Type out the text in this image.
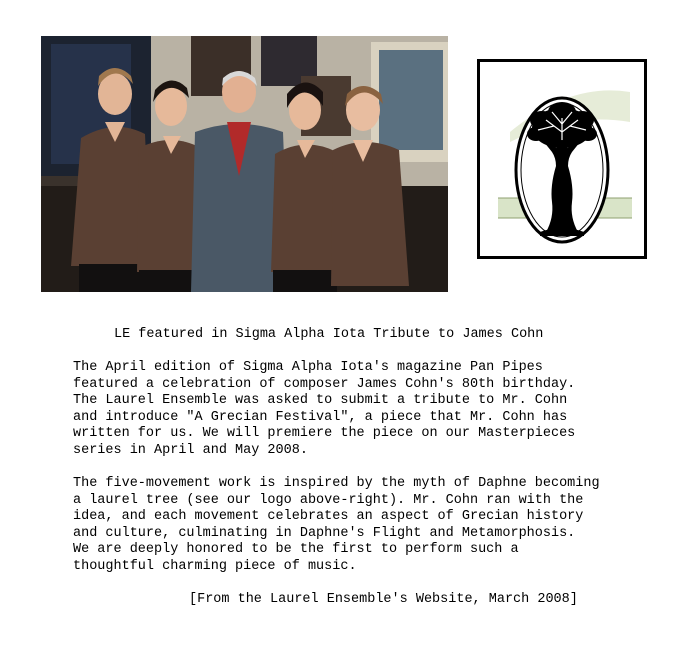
LE featured in Sigma Alpha Iota Tribute to James Cohn

The April edition of Sigma Alpha Iota's magazine Pan Pipes
featured a celebration of composer James Cohn's 80th birthday.
The Laurel Ensemble was asked to submit a tribute to Mr. Cohn
and introduce "A Grecian Festival", a piece that Mr. Cohn has
written for us. We will premiere the piece on our Masterpieces
series in April and May 2008.

The five-movement work is inspired by the myth of Daphne becoming
a laurel tree (see our logo above-right). Mr. Cohn ran with the
idea, and each movement celebrates an aspect of Grecian history
and culture, culminating in Daphne's Flight and Metamorphosis.
We are deeply honored to be the first to perform such a
thoughtful charming piece of music.

[From the Laurel Ensemble's Website, March 2008]
